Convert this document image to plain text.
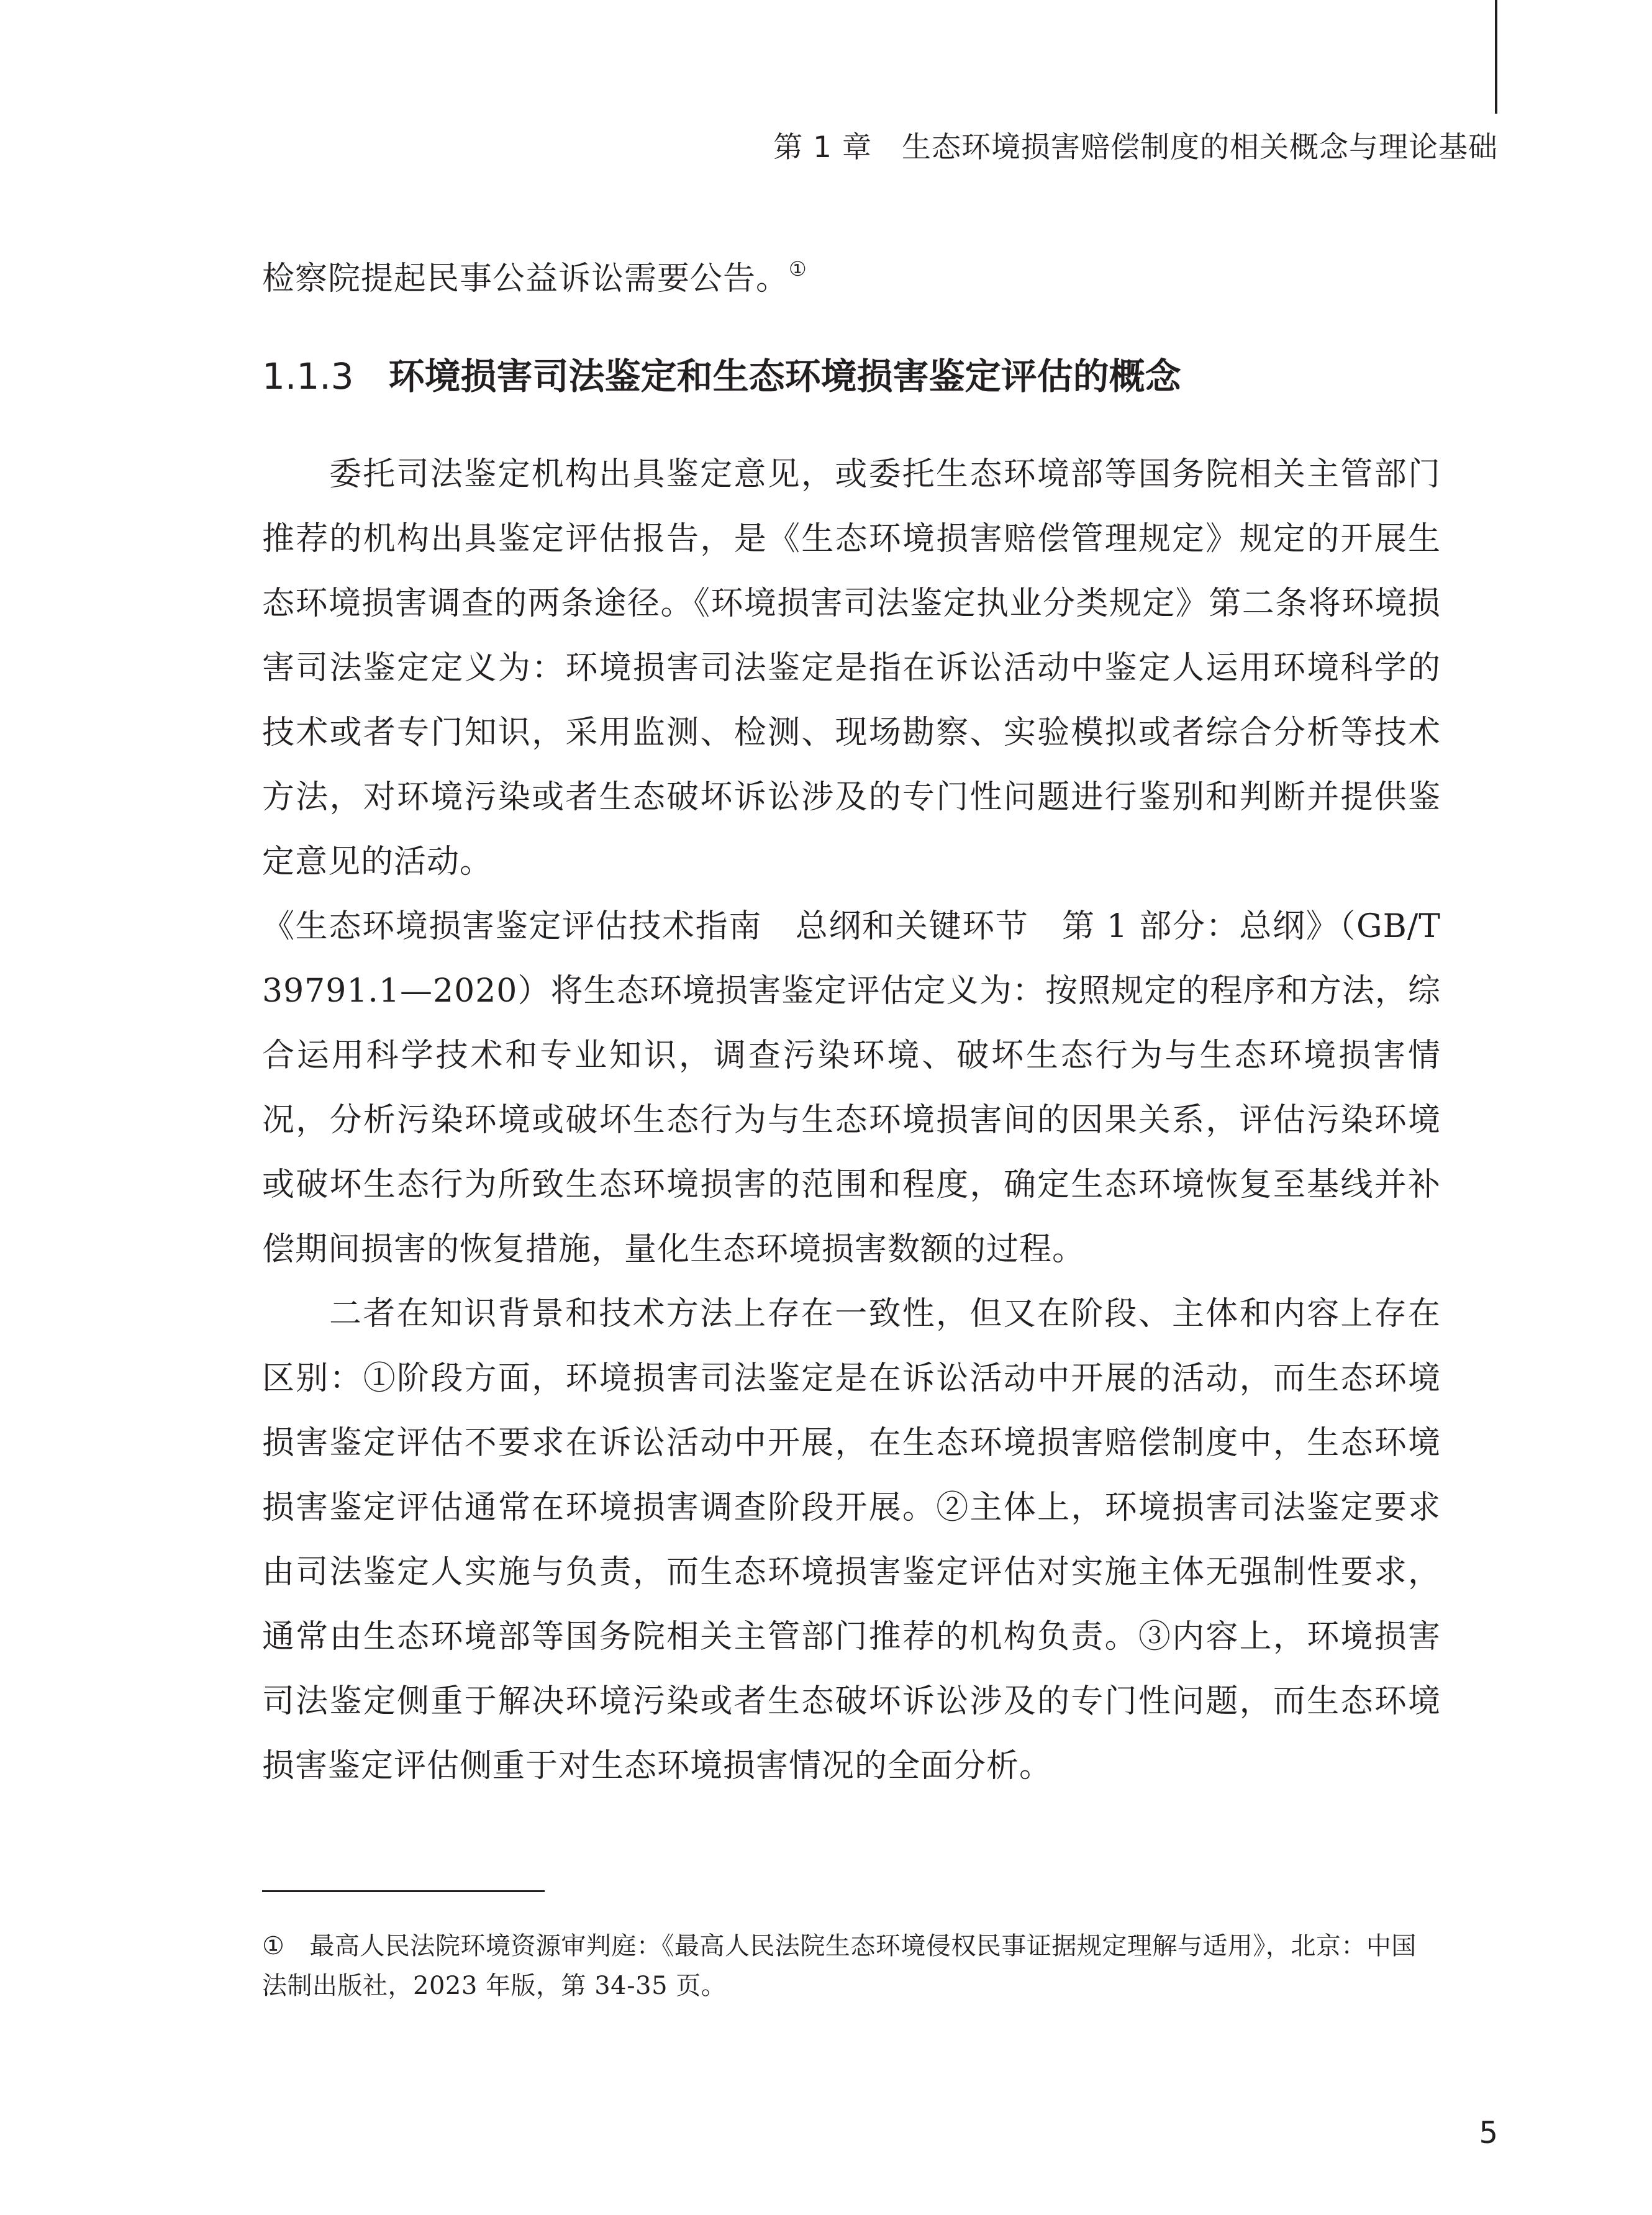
第 1 章 生态环境损害赔偿制度的相关概念与理论基础
检察院提起民事公益诉讼需要公告。①
1.1.3 环境损害司法鉴定和生态环境损害鉴定评估的概念

委托司法鉴定机构出具鉴定意见，或委托生态环境部等国务院相关主管部门推荐的机构出具鉴定评估报告，是《生态环境损害赔偿管理规定》规定的开展生态环境损害调查的两条途径。《环境损害司法鉴定执业分类规定》第二条将环境损害司法鉴定定义为：环境损害司法鉴定是指在诉讼活动中鉴定人运用环境科学的技术或者专门知识，采用监测、检测、现场勘察、实验模拟或者综合分析等技术方法，对环境污染或者生态破坏诉讼涉及的专门性问题进行鉴别和判断并提供鉴定意见的活动。

《生态环境损害鉴定评估技术指南　总纲和关键环节　第 1 部分：总纲》（GB/T 39791.1—2020）将生态环境损害鉴定评估定义为：按照规定的程序和方法，综合运用科学技术和专业知识，调查污染环境、破坏生态行为与生态环境损害情况，分析污染环境或破坏生态行为与生态环境损害间的因果关系，评估污染环境或破坏生态行为所致生态环境损害的范围和程度，确定生态环境恢复至基线并补偿期间损害的恢复措施，量化生态环境损害数额的过程。

二者在知识背景和技术方法上存在一致性，但又在阶段、主体和内容上存在区别：①阶段方面，环境损害司法鉴定是在诉讼活动中开展的活动，而生态环境损害鉴定评估不要求在诉讼活动中开展，在生态环境损害赔偿制度中，生态环境损害鉴定评估通常在环境损害调查阶段开展。②主体上，环境损害司法鉴定要求由司法鉴定人实施与负责，而生态环境损害鉴定评估对实施主体无强制性要求，通常由生态环境部等国务院相关主管部门推荐的机构负责。③内容上，环境损害司法鉴定侧重于解决环境污染或者生态破坏诉讼涉及的专门性问题，而生态环境损害鉴定评估侧重于对生态环境损害情况的全面分析。

① 最高人民法院环境资源审判庭：《最高人民法院生态环境侵权民事证据规定理解与适用》，北京：中国法制出版社，2023 年版，第 34-35 页。
5
